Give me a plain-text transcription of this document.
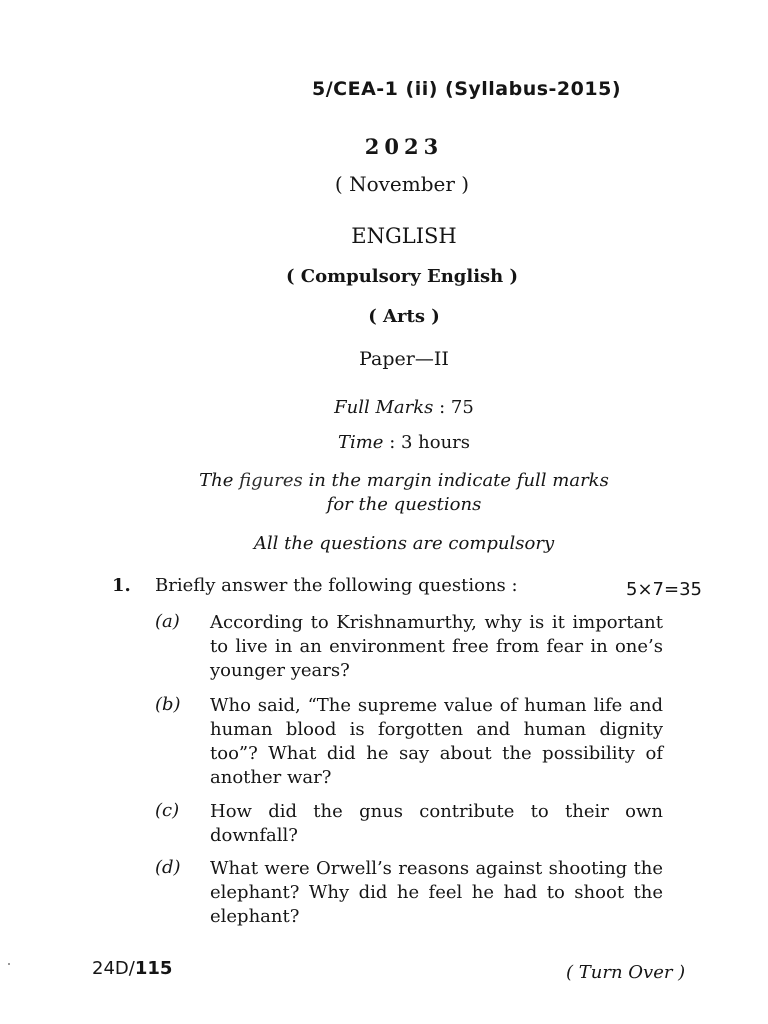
5/CEA-1 (ii) (Syllabus-2015)
2023
( November )
ENGLISH
( Compulsory English )
( Arts )
Paper—II
Full Marks : 75
Time : 3 hours
The figures in the margin indicate full marks
for the questions
All the questions are compulsory
1. Briefly answer the following questions :	5×7=35
(a) According to Krishnamurthy, why is it important to live in an environment free from fear in one’s younger years?
(b) Who said, “The supreme value of human life and human blood is forgotten and human dignity too”? What did he say about the possibility of another war?
(c) How did the gnus contribute to their own downfall?
(d) What were Orwell’s reasons against shooting the elephant? Why did he feel he had to shoot the elephant?
24D/115	( Turn Over )
